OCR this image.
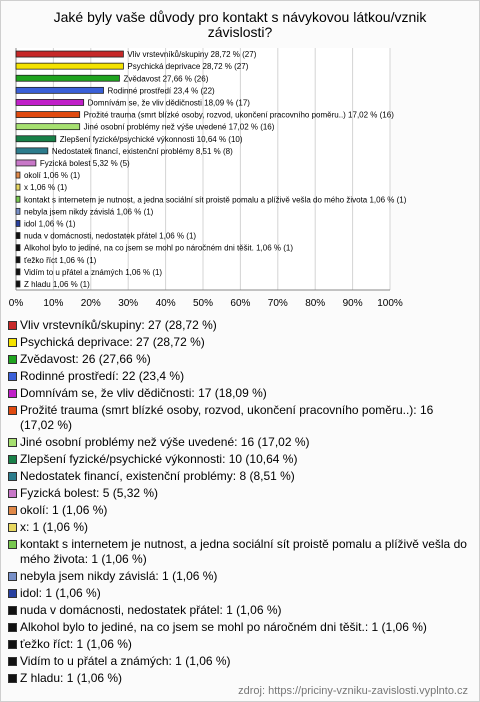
Jaké byly vaše důvody pro kontakt s návykovou látkou/vznik
závislosti?
0% 10% 20% 30% 40% 50% 60% 70% 80% 90% 100%
Vliv vrstevníků/skupiny 28,72 % (27)
Psychická deprivace 28,72 % (27)
Zvědavost 27,66 % (26)
Rodinné prostředí 23,4 % (22)
Domnívám se, že vliv dědičnosti 18,09 % (17)
Prožité trauma (smrt blízké osoby, rozvod, ukončení pracovního poměru..) 17,02 % (16)
Jiné osobní problémy než výše uvedené 17,02 % (16)
Zlepšení fyzické/psychické výkonnosti 10,64 % (10)
Nedostatek financí, existenční problémy 8,51 % (8)
Fyzická bolest 5,32 % (5)
okolí 1,06 % (1)
x 1,06 % (1)
kontakt s internetem je nutnost, a jedna sociální sít proistě pomalu a plíživě vešla do mého života 1,06 % (1)
nebyla jsem nikdy závislá 1,06 % (1)
idol 1,06 % (1)
nuda v domácnosti, nedostatek přátel 1,06 % (1)
Alkohol bylo to jediné, na co jsem se mohl po náročném dni těšit. 1,06 % (1)
ťežko říct 1,06 % (1)
Vidím to u přátel a známých 1,06 % (1)
Z hladu 1,06 % (1)
Vliv vrstevníků/skupiny: 27 (28,72 %)
Psychická deprivace: 27 (28,72 %)
Zvědavost: 26 (27,66 %)
Rodinné prostředí: 22 (23,4 %)
Domnívám se, že vliv dědičnosti: 17 (18,09 %)
Prožité trauma (smrt blízké osoby, rozvod, ukončení pracovního poměru..): 16 (17,02 %)
Jiné osobní problémy než výše uvedené: 16 (17,02 %)
Zlepšení fyzické/psychické výkonnosti: 10 (10,64 %)
Nedostatek financí, existenční problémy: 8 (8,51 %)
Fyzická bolest: 5 (5,32 %)
okolí: 1 (1,06 %)
x: 1 (1,06 %)
kontakt s internetem je nutnost, a jedna sociální sít proistě pomalu a plíživě vešla do mého života: 1 (1,06 %)
nebyla jsem nikdy závislá: 1 (1,06 %)
idol: 1 (1,06 %)
nuda v domácnosti, nedostatek přátel: 1 (1,06 %)
Alkohol bylo to jediné, na co jsem se mohl po náročném dni těšit.: 1 (1,06 %)
ťežko říct: 1 (1,06 %)
Vidím to u přátel a známých: 1 (1,06 %)
Z hladu: 1 (1,06 %)
zdroj: https://priciny-vzniku-zavislosti.vyplnto.cz
